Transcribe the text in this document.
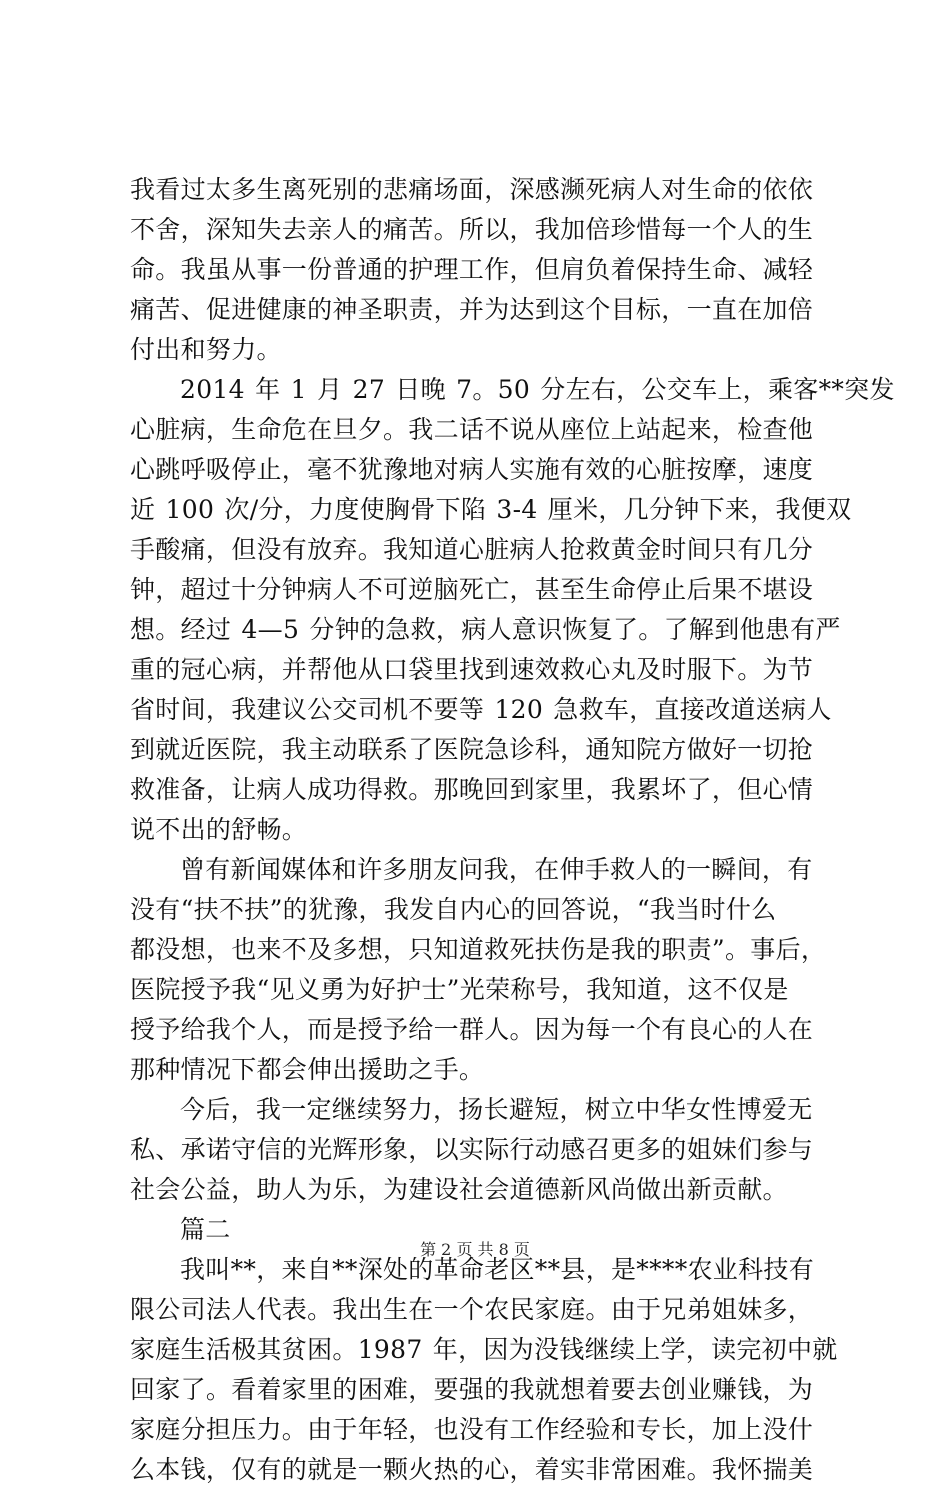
我看过太多生离死别的悲痛场面，深感濒死病人对生命的依依
不舍，深知失去亲人的痛苦。所以，我加倍珍惜每一个人的生
命。我虽从事一份普通的护理工作，但肩负着保持生命、减轻
痛苦、促进健康的神圣职责，并为达到这个目标，一直在加倍
付出和努力。
2014 年 1 月 27 日晚 7。50 分左右，公交车上，乘客**突发
心脏病，生命危在旦夕。我二话不说从座位上站起来，检查他
心跳呼吸停止，毫不犹豫地对病人实施有效的心脏按摩，速度
近 100 次/分，力度使胸骨下陷 3-4 厘米，几分钟下来，我便双
手酸痛，但没有放弃。我知道心脏病人抢救黄金时间只有几分
钟，超过十分钟病人不可逆脑死亡，甚至生命停止后果不堪设
想。经过 4—5 分钟的急救，病人意识恢复了。了解到他患有严
重的冠心病，并帮他从口袋里找到速效救心丸及时服下。为节
省时间，我建议公交司机不要等 120 急救车，直接改道送病人
到就近医院，我主动联系了医院急诊科，通知院方做好一切抢
救准备，让病人成功得救。那晚回到家里，我累坏了，但心情
说不出的舒畅。
曾有新闻媒体和许多朋友问我，在伸手救人的一瞬间，有
没有“扶不扶”的犹豫，我发自内心的回答说，“我当时什么
都没想，也来不及多想，只知道救死扶伤是我的职责”。事后，
医院授予我“见义勇为好护士”光荣称号，我知道，这不仅是
授予给我个人，而是授予给一群人。因为每一个有良心的人在
那种情况下都会伸出援助之手。
今后，我一定继续努力，扬长避短，树立中华女性博爱无
私、承诺守信的光辉形象，以实际行动感召更多的姐妹们参与
社会公益，助人为乐，为建设社会道德新风尚做出新贡献。
篇二
我叫**，来自**深处的革命老区**县，是****农业科技有
限公司法人代表。我出生在一个农民家庭。由于兄弟姐妹多，
家庭生活极其贫困。1987 年，因为没钱继续上学，读完初中就
回家了。看着家里的困难，要强的我就想着要去创业赚钱，为
家庭分担压力。由于年轻，也没有工作经验和专长，加上没什
么本钱，仅有的就是一颗火热的心，着实非常困难。我怀揣美
第 2 页 共 8 页
